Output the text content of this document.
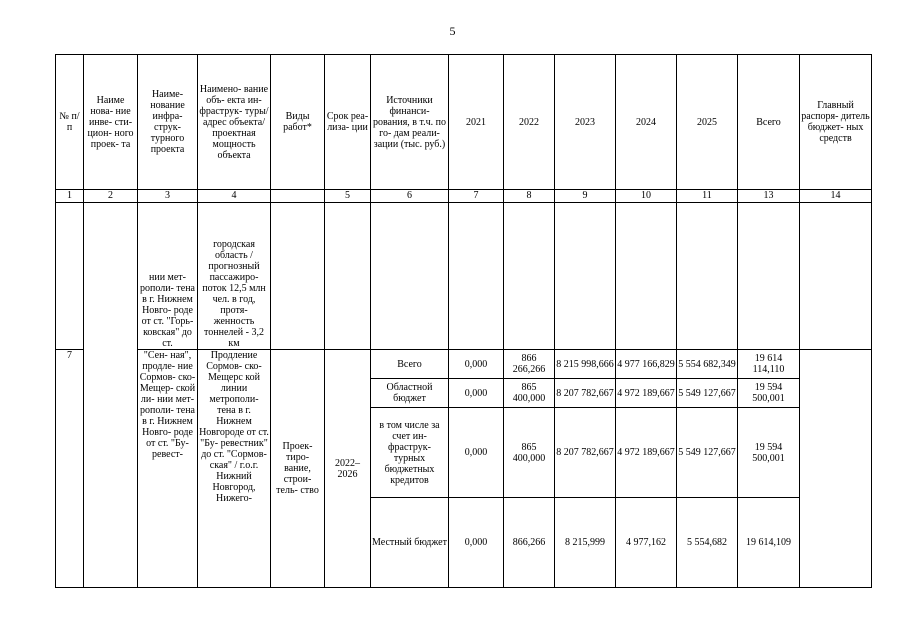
5
№ п/п	Наиме нова- ние инве- сти- цион- ного проек- та	Наиме- нование инфра- струк- турного проекта	Наимено- вание объ- екта ин- фраструк- туры/ адрес объекта/ проектная мощность объекта	Виды работ*	Срок реа- лиза- ции	Источники финанси- рования, в т.ч. по го- дам реали- зации (тыс. руб.)	2021	2022	2023	2024	2025	Всего	Главный распоря- дитель бюджет- ных средств
1	2	3	4		5	6	7	8	9	10	11	13	14
		нии мет- рополи- тена в г. Нижнем Новго- роде от ст. "Горь- ковская" до ст.	городская область / прогнозный пассажиро- поток 12,5 млн чел. в год, протя- женность тоннелей - 3,2 км										
7		"Сен- ная", продле- ние Сормов- ско- Мещер- ской ли- нии мет- рополи- тена в г. Нижнем Новго- роде от ст. "Бу- ревест-	Продление Сормов- ско-Мещерс кой линии метрополи- тена в г. Нижнем Новгороде от ст. "Бу- ревестник" до ст. "Сормов- ская" / г.о.г. Нижний Новгород, Нижего-	Проек- тиро- вание, строи- тель- ство	2022– 2026	Всего	0,000	866 266,266	8 215 998,666	4 977 166,829	5 554 682,349	19 614 114,110	
						Областной бюджет	0,000	865 400,000	8 207 782,667	4 972 189,667	5 549 127,667	19 594 500,001	
						в том числе за счет ин- фраструк- турных бюджетных кредитов	0,000	865 400,000	8 207 782,667	4 972 189,667	5 549 127,667	19 594 500,001	
						Местный бюджет	0,000	866,266	8 215,999	4 977,162	5 554,682	19 614,109	
